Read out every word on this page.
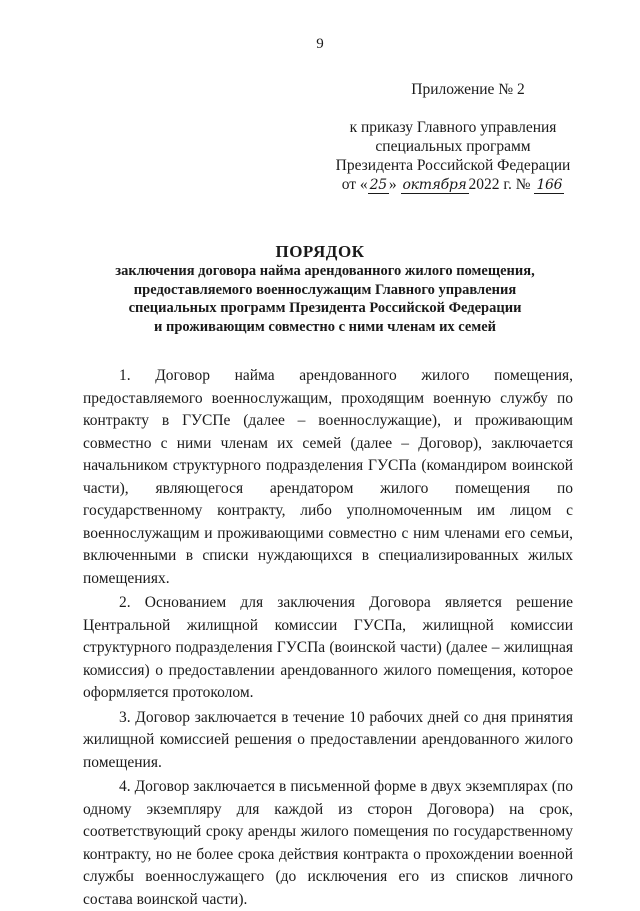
9
Приложение № 2
к приказу Главного управления
специальных программ
Президента Российской Федерации
от « 25 » октября 2022 г. № 166
ПОРЯДОК
заключения договора найма арендованного жилого помещения,
предоставляемого военнослужащим Главного управления
специальных программ Президента Российской Федерации
и проживающим совместно с ними членам их семей

1. Договор найма арендованного жилого помещения, предоставляемого военнослужащим, проходящим военную службу по контракту в ГУСПе (далее – военнослужащие), и проживающим совместно с ними членам их семей (далее – Договор), заключается начальником структурного подразделения ГУСПа (командиром воинской части), являющегося арендатором жилого помещения по государственному контракту, либо уполномоченным им лицом с военнослужащим и проживающими совместно с ним членами его семьи, включенными в списки нуждающихся в специализированных жилых помещениях.

2. Основанием для заключения Договора является решение Центральной жилищной комиссии ГУСПа, жилищной комиссии структурного подразделения ГУСПа (воинской части) (далее – жилищная комиссия) о предоставлении арендованного жилого помещения, которое оформляется протоколом.

3. Договор заключается в течение 10 рабочих дней со дня принятия жилищной комиссией решения о предоставлении арендованного жилого помещения.

4. Договор заключается в письменной форме в двух экземплярах (по одному экземпляру для каждой из сторон Договора) на срок, соответствующий сроку аренды жилого помещения по государственному контракту, но не более срока действия контракта о прохождении военной службы военнослужащего (до исключения его из списков личного состава воинской части).
